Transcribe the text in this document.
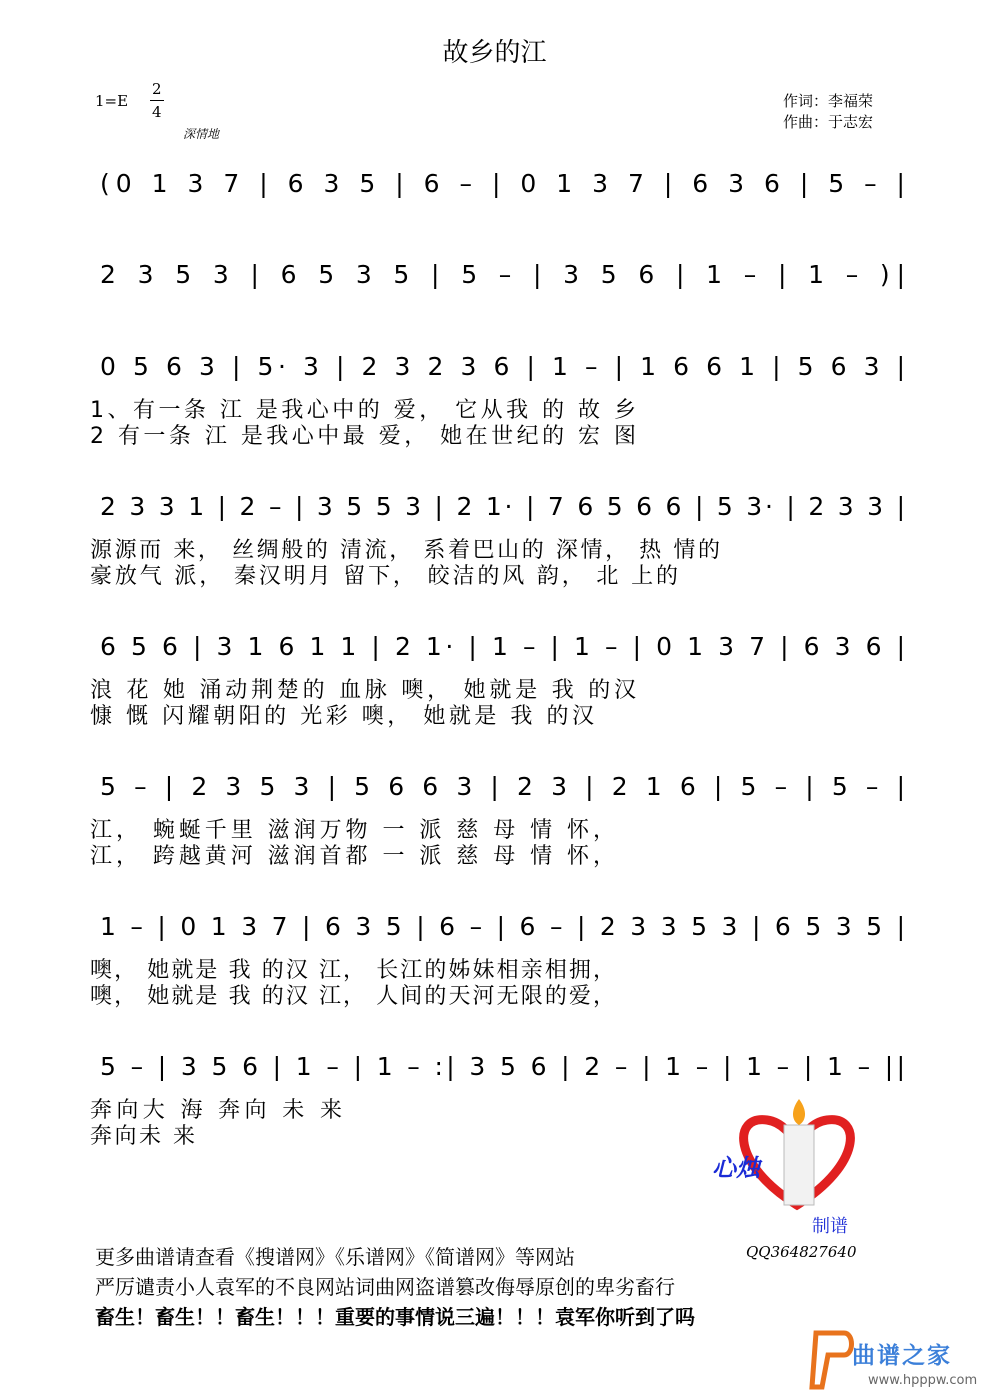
故乡的江
1=E
2
4
深情地
作词：李福荣
作曲：于志宏
(0 1 3 7 | 6 3 5 | 6 – | 0 1 3 7 | 6 3 6 | 5 – |
2 3 5 3 | 6 5 3 5 | 5 – | 3 5 6 | 1 – | 1 – )|
0 5 6 3 | 5· 3 | 2 3 2 3 6 | 1 – | 1 6 6 1 | 5 6 3 |
1、有一条 江 是我心中的 爱， 它从我 的 故 乡
2 有一条 江 是我心中最 爱， 她在世纪的 宏 图
2 3 3 1 | 2 – | 3 5 5 3 | 2 1· | 7 6 5 6 6 | 5 3· | 2 3 3 |
源源而 来， 丝绸般的 清流， 系着巴山的 深情， 热 情的
豪放气 派， 秦汉明月 留下， 皎洁的风 韵， 北 上的
6 5 6 | 3 1 6 1 1 | 2 1· | 1 – | 1 – | 0 1 3 7 | 6 3 6 |
浪 花 她 涌动荆楚的 血脉 噢， 她就是 我 的汉
慷 慨 闪耀朝阳的 光彩 噢， 她就是 我 的汉
5 – | 2 3 5 3 | 5 6 6 3 | 2 3 | 2 1 6 | 5 – | 5 – |
江， 蜿蜒千里 滋润万物 一 派 慈 母 情 怀，
江， 跨越黄河 滋润首都 一 派 慈 母 情 怀，
1 – | 0 1 3 7 | 6 3 5 | 6 – | 6 – | 2 3 3 5 3 | 6 5 3 5 |
噢， 她就是 我 的汉 江， 长江的姊妹相亲相拥，
噢， 她就是 我 的汉 江， 人间的天河无限的爱，
5 – | 3 5 6 | 1 – | 1 – :| 3 5 6 | 2 – | 1 – | 1 – | 1 – ||
奔向大 海 奔向 未 来
奔向未 来
心烛
制谱
QQ364827640
更多曲谱请查看《搜谱网》《乐谱网》《简谱网》等网站
严厉谴责小人袁军的不良网站词曲网盗谱篡改侮辱原创的卑劣畜行
畜生！畜生！！畜生！！！重要的事情说三遍！！！袁军你听到了吗
曲谱之家
www.hpppw.com
